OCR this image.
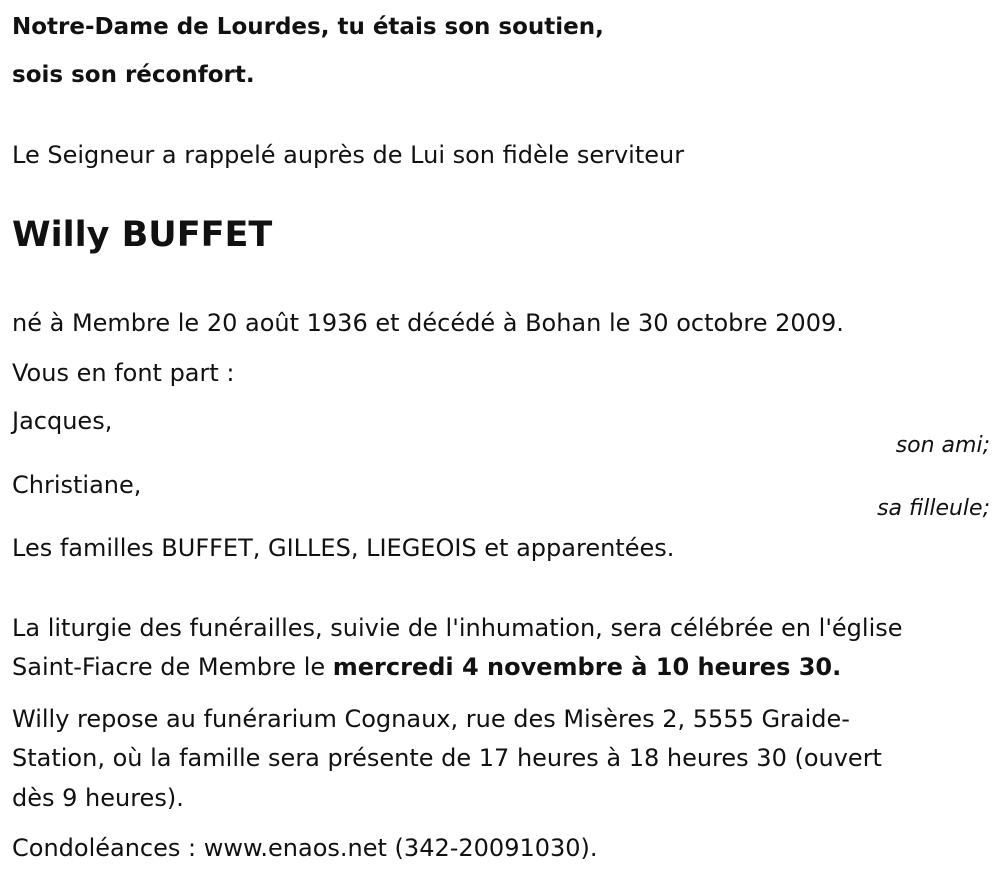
Notre-Dame de Lourdes, tu étais son soutien,
sois son réconfort.
Le Seigneur a rappelé auprès de Lui son fidèle serviteur
Willy BUFFET
né à Membre le 20 août 1936 et décédé à Bohan le 30 octobre 2009.
Vous en font part :
Jacques,
son ami;
Christiane,
sa filleule;
Les familles BUFFET, GILLES, LIEGEOIS et apparentées.
La liturgie des funérailles, suivie de l'inhumation, sera célébrée en l'église
Saint-Fiacre de Membre le mercredi 4 novembre à 10 heures 30.
Willy repose au funérarium Cognaux, rue des Misères 2, 5555 Graide-
Station, où la famille sera présente de 17 heures à 18 heures 30 (ouvert
dès 9 heures).
Condoléances : www.enaos.net (342-20091030).
